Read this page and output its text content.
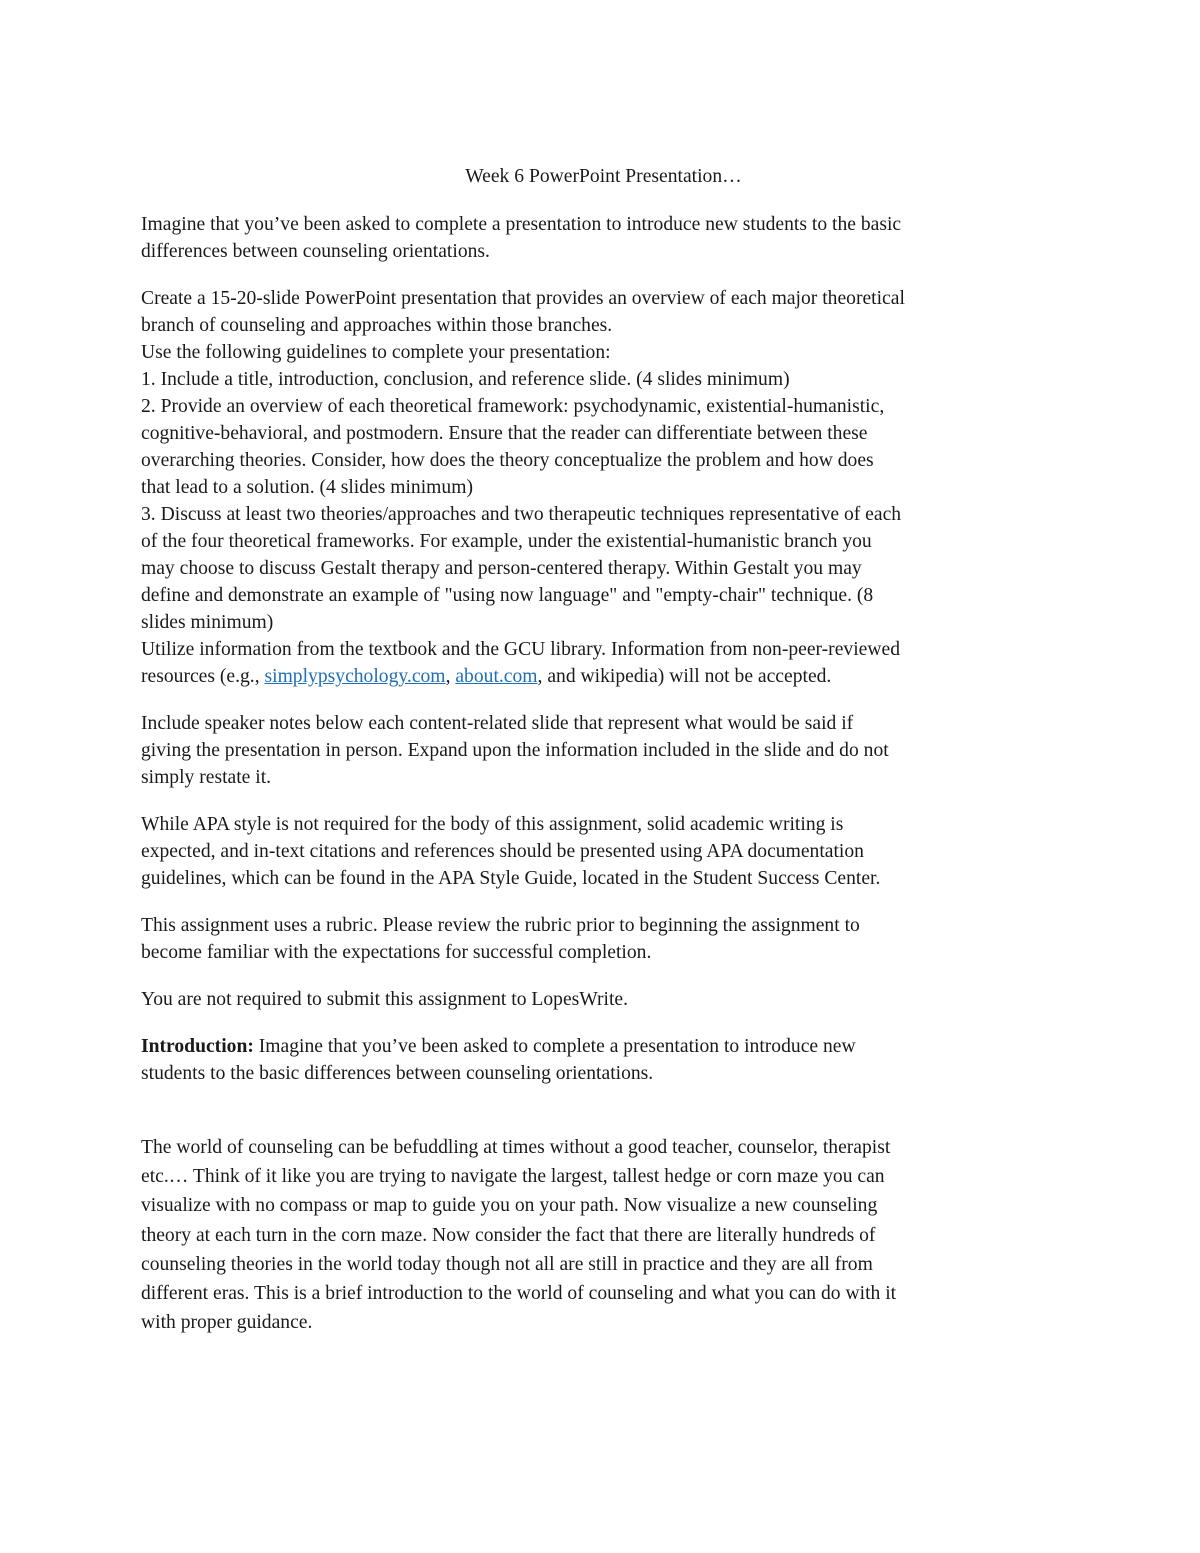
Week 6 PowerPoint Presentation…
Imagine that you’ve been asked to complete a presentation to introduce new students to the basic
differences between counseling orientations.
Create a 15-20-slide PowerPoint presentation that provides an overview of each major theoretical
branch of counseling and approaches within those branches.
Use the following guidelines to complete your presentation:
1. Include a title, introduction, conclusion, and reference slide. (4 slides minimum)
2. Provide an overview of each theoretical framework: psychodynamic, existential-humanistic,
cognitive-behavioral, and postmodern. Ensure that the reader can differentiate between these
overarching theories. Consider, how does the theory conceptualize the problem and how does
that lead to a solution. (4 slides minimum)
3. Discuss at least two theories/approaches and two therapeutic techniques representative of each
of the four theoretical frameworks. For example, under the existential-humanistic branch you
may choose to discuss Gestalt therapy and person-centered therapy. Within Gestalt you may
define and demonstrate an example of "using now language" and "empty-chair" technique. (8
slides minimum)
Utilize information from the textbook and the GCU library. Information from non-peer-reviewed
resources (e.g., simplypsychology.com, about.com, and wikipedia) will not be accepted.
Include speaker notes below each content-related slide that represent what would be said if
giving the presentation in person. Expand upon the information included in the slide and do not
simply restate it.
While APA style is not required for the body of this assignment, solid academic writing is
expected, and in-text citations and references should be presented using APA documentation
guidelines, which can be found in the APA Style Guide, located in the Student Success Center.
This assignment uses a rubric. Please review the rubric prior to beginning the assignment to
become familiar with the expectations for successful completion.
You are not required to submit this assignment to LopesWrite.
Introduction: Imagine that you’ve been asked to complete a presentation to introduce new
students to the basic differences between counseling orientations.
The world of counseling can be befuddling at times without a good teacher, counselor, therapist
etc.… Think of it like you are trying to navigate the largest, tallest hedge or corn maze you can
visualize with no compass or map to guide you on your path. Now visualize a new counseling
theory at each turn in the corn maze. Now consider the fact that there are literally hundreds of
counseling theories in the world today though not all are still in practice and they are all from
different eras. This is a brief introduction to the world of counseling and what you can do with it
with proper guidance.
